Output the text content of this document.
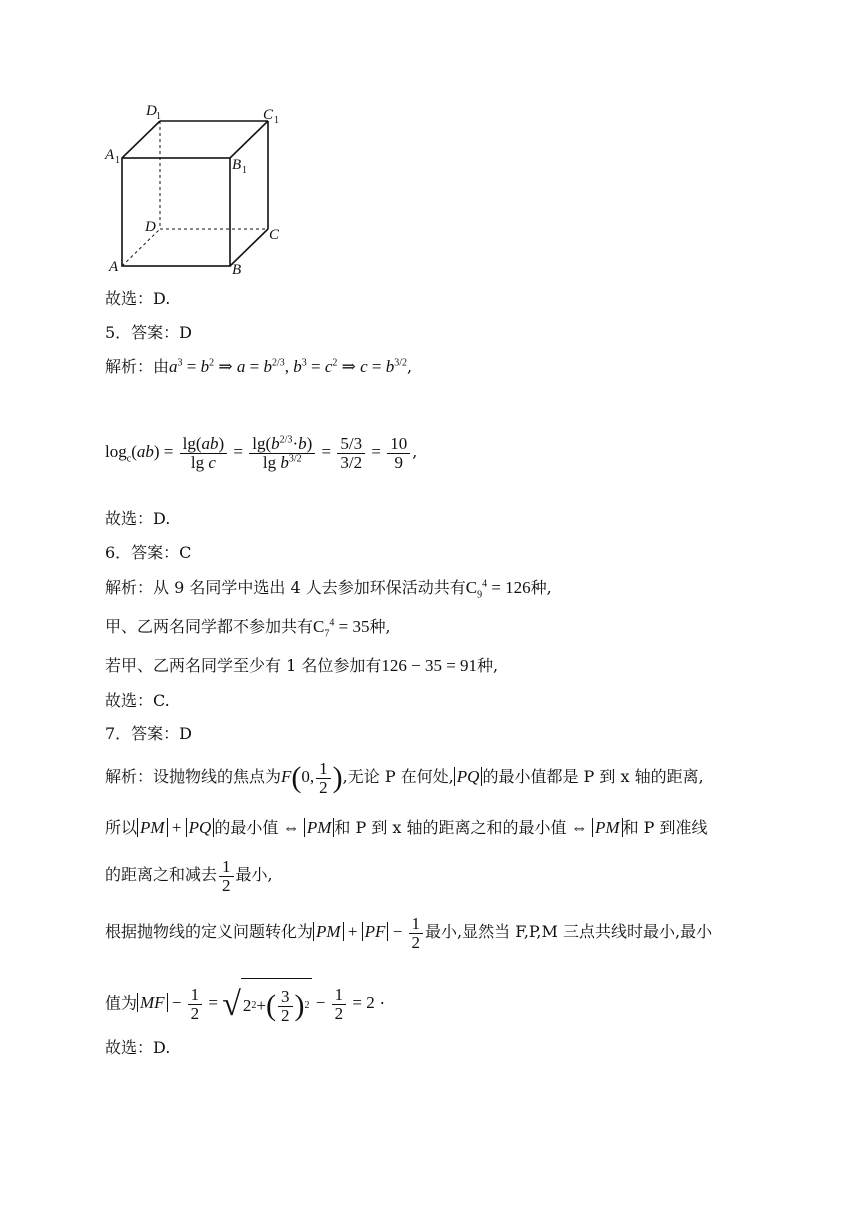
D 1	C 1
A 1	B 1
D	C
A	B
故选：D.
5．答案：D
解析：由$a^3 = b^2$ ⇒ $a = b^{2/3}$, $b^3 = c^2$ ⇒ $c = b^{3/2}$,
$\log_c(ab) = \frac{\lg(ab)}{\text{lg c}} = \frac{\lg(b^{2/3}\cdot b)}{\lg b^{3/2}} = \frac{5/3}{3/2} = \frac{10}{9}$ ,
故选：D.
6．答案：C
解析：从 9 名同学中选出 4 人去参加环保活动共有$C_9^4 = 126$种,
甲、乙两名同学都不参加共有$C_7^4 = 35$种,
若甲、乙两名同学至少有 1 名位参加有126 − 35 = 91种,
故选：C.
7．答案：D
解析：设抛物线的焦点为F(0, $\frac{1}{2}$ ),无论 P 在何处, PQ 的最小值都是 P 到 x 轴的距离,
所以 PM + PQ 的最小值 ⇔ PM 和 P 到 x 轴的距离之和的最小值 ⇔ PM 和 P 到准线
的距离之和减去 $\frac{1}{2}$ 最小,
根据抛物线的定义问题转化为 PM + PF − $\frac{1}{2}$ 最小,显然当 F,P,M 三点共线时最小,最小
值为 MF − $\frac{1}{2}$ = √ 2 2 + ( $\frac{3}{2}$ ) $2 - \frac{1}{2} = 2$ ·
故选：D.
